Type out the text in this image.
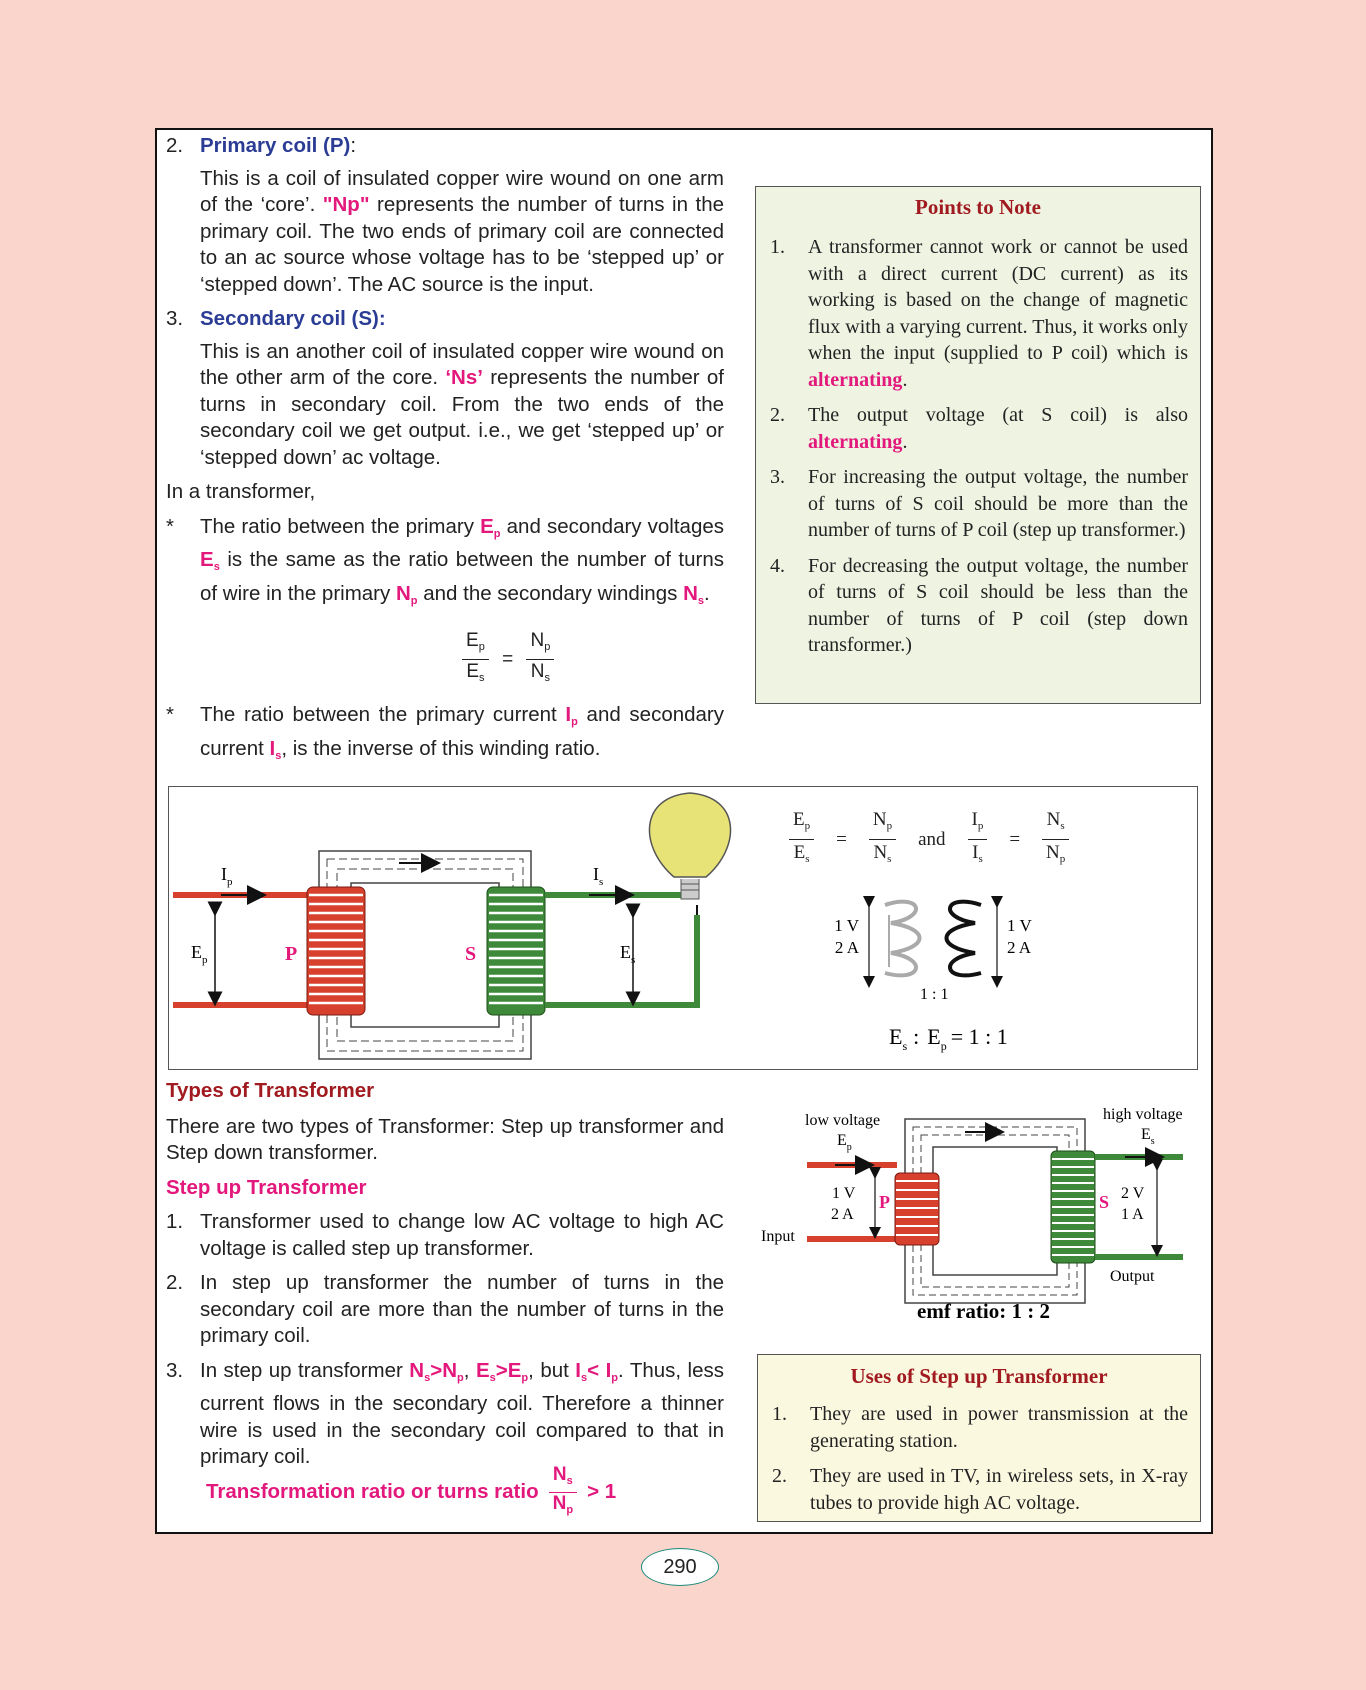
2. Primary coil (P):
This is a coil of insulated copper wire wound on one arm of the ‘core’. "Np" represents the number of turns in the primary coil. The two ends of primary coil are connected to an ac source whose voltage has to be ‘stepped up’ or ‘stepped down’. The AC source is the input.
3. Secondary coil (S):
This is an another coil of insulated copper wire wound on the other arm of the core. ‘Ns’ represents the number of turns in secondary coil. From the two ends of the secondary coil we get output. i.e., we get ‘stepped up’ or ‘stepped down’ ac voltage.
In a transformer,
*	The ratio between the primary $E_p$ and secondary voltages $E_s$ is the same as the ratio between the number of turns of wire in the primary $N_p$ and the secondary windings $N_s$.
$\frac{E_p}{E_s} = \frac{N_p}{N_s}$
*	The ratio between the primary current $I_p$ and secondary current $I_s$, is the inverse of this winding ratio.
Points to Note
1.	A transformer cannot work or cannot be used with a direct current (DC current) as its working is based on the change of magnetic flux with a varying current. Thus, it works only when the input (supplied to P coil) which is alternating.
2.	The output voltage (at S coil) is also alternating.
3.	For increasing the output voltage, the number of turns of S coil should be more than the number of turns of P coil (step up transformer.)
4.	For decreasing the output voltage, the number of turns of S coil should be less than the number of turns of P coil (step down transformer.)
$I_p$	$I_s$
$E_p$	$E_s$
P	S
1 V
2 A
1 V
2 A
1 : 1
$E_s$ : $E_p = 1$ : 1
$\frac{E_p}{E_s} = \frac{N_p}{N_s}$ and $\frac{I_p}{I_s} = \frac{N_s}{N_p}$
Types of Transformer
There are two types of Transformer: Step up transformer and Step down transformer.
Step up Transformer
1. Transformer used to change low AC voltage to high AC voltage is called step up transformer.
2. In step up transformer the number of turns in the secondary coil are more than the number of turns in the primary coil.
3. In step up transformer $N_s>N_p$, $E_s>E_p$, but $I_s< I_p$. Thus, less current flows in the secondary coil. Therefore a thinner wire is used in the secondary coil compared to that in primary coil.
Transformation ratio or turns ratio $\frac{N_s}{N_p} > 1$
low voltage
$E_p$
high voltage
$E_s$
Input
Output
1 V
2 A
P	S 2 V
1 A
emf ratio: 1 : 2
Uses of Step up Transformer
1.	They are used in power transmission at the generating station.
2.	They are used in TV, in wireless sets, in X-ray tubes to provide high AC voltage.
290
